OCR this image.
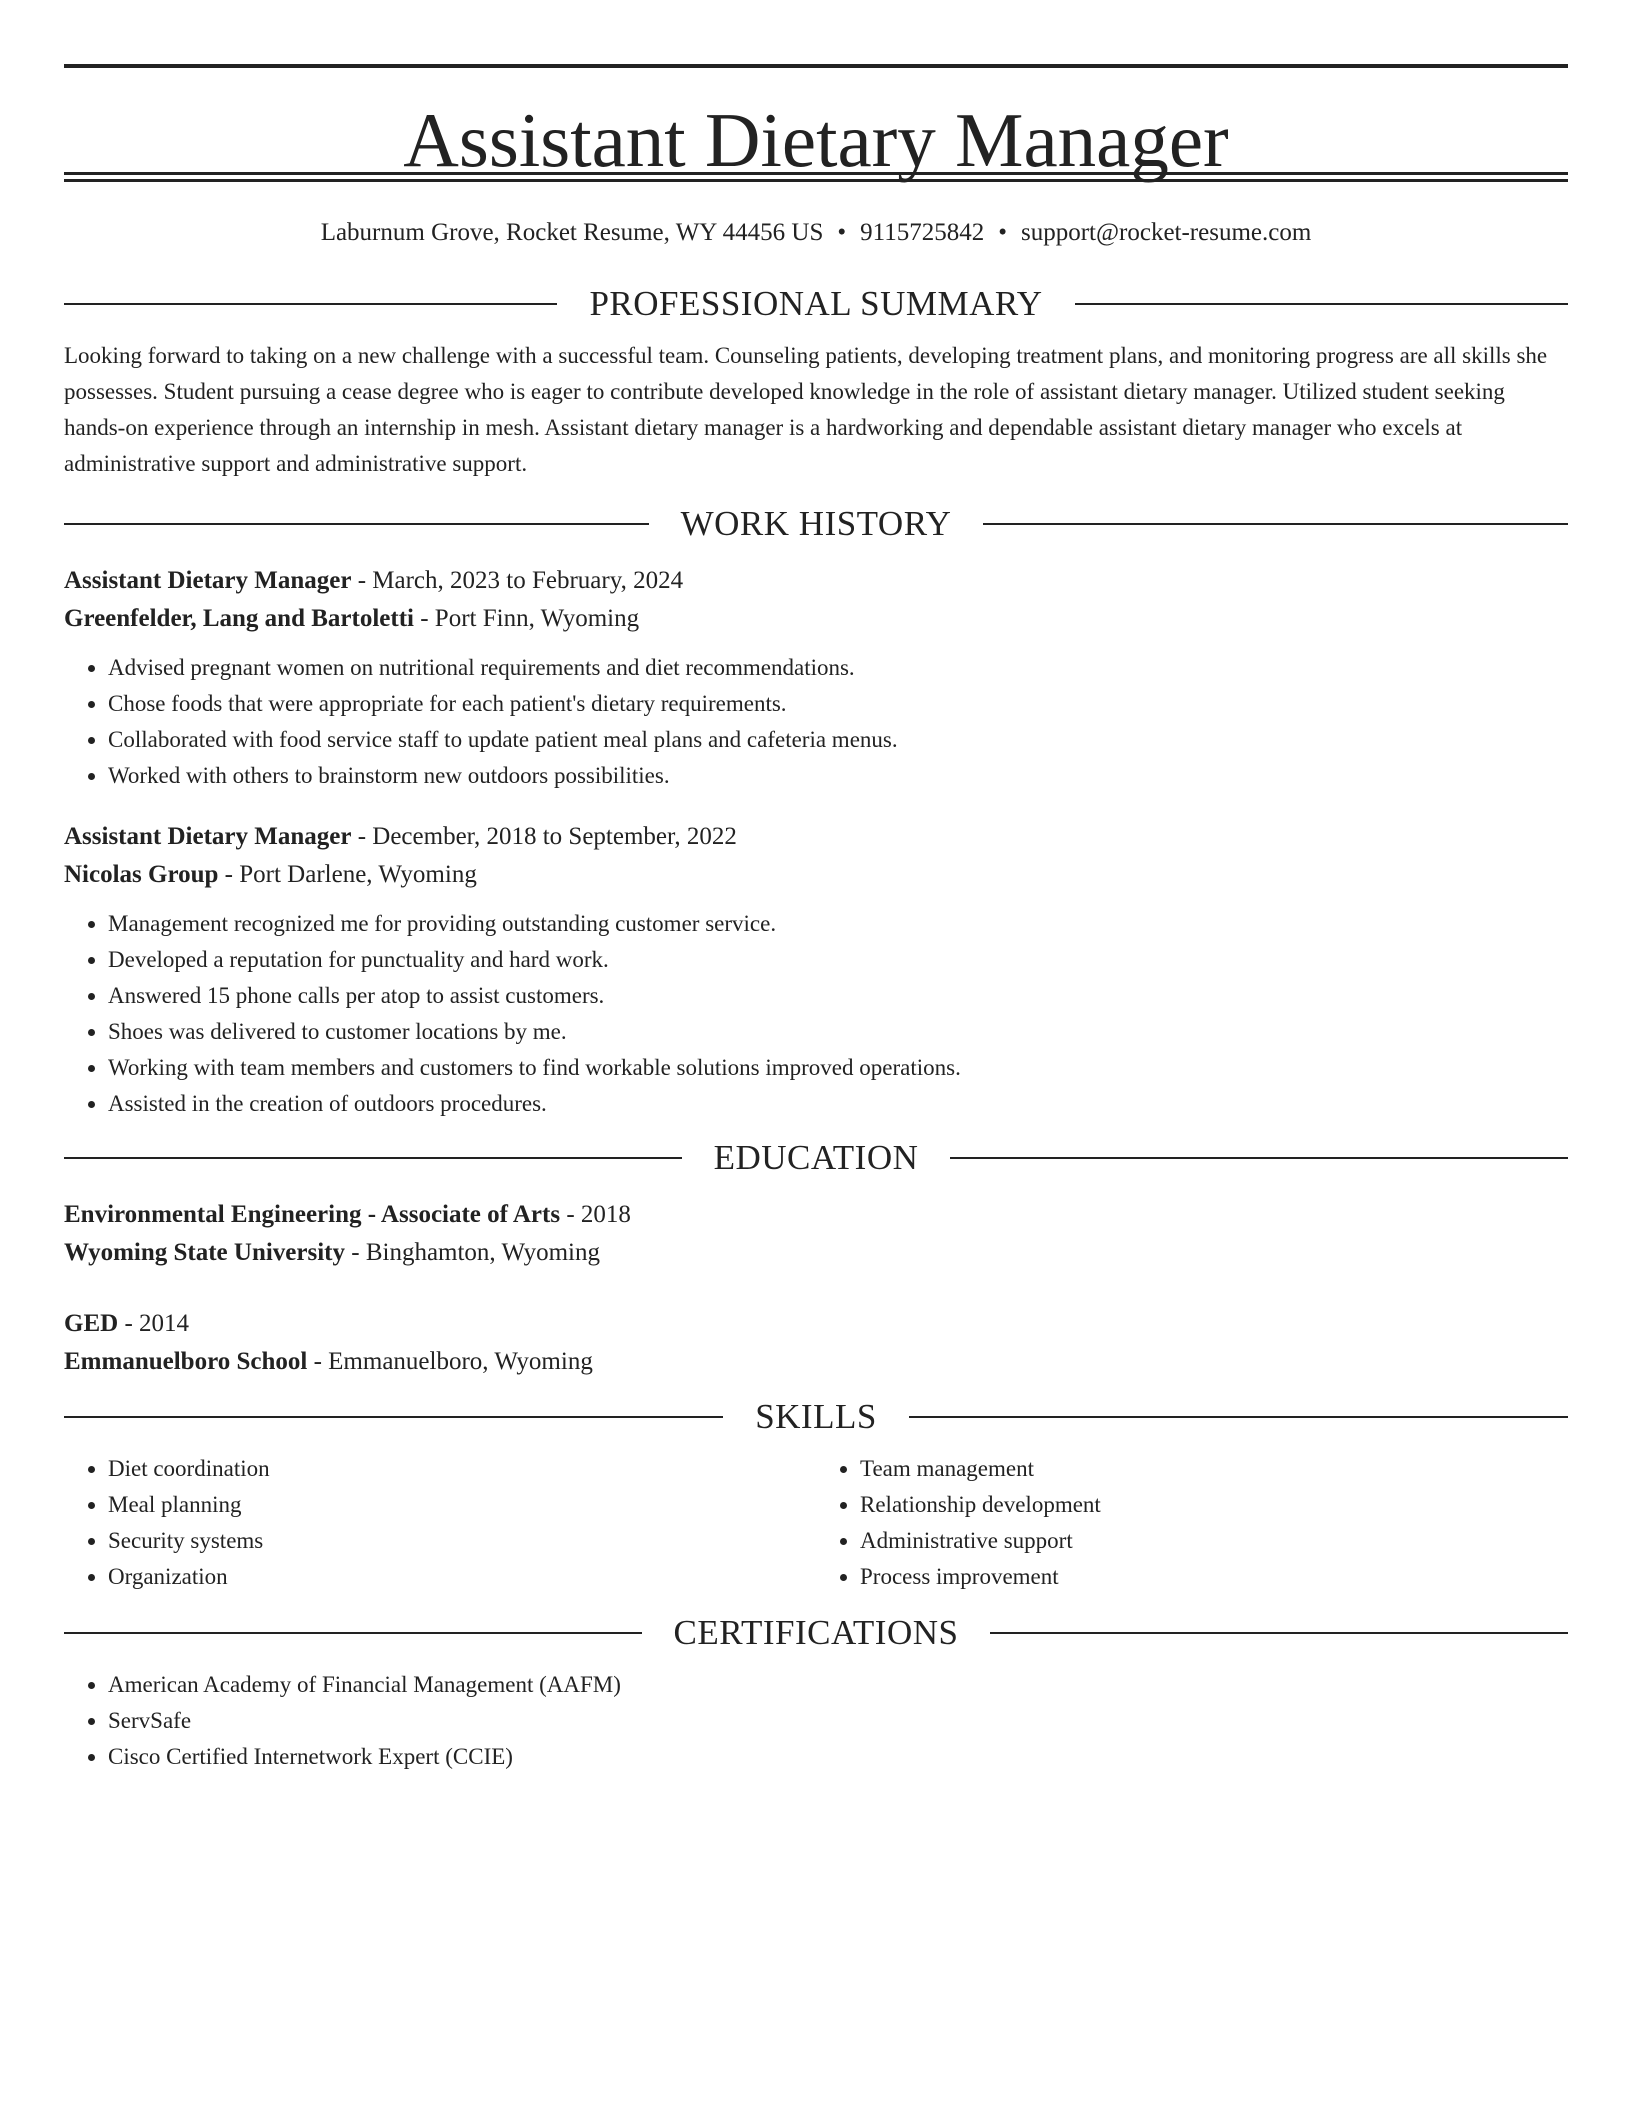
Assistant Dietary Manager
Laburnum Grove, Rocket Resume, WY 44456 US • 9115725842 • support@rocket-resume.com
PROFESSIONAL SUMMARY

Looking forward to taking on a new challenge with a successful team. Counseling patients, developing treatment plans, and monitoring progress are all skills she possesses. Student pursuing a cease degree who is eager to contribute developed knowledge in the role of assistant dietary manager. Utilized student seeking hands-on experience through an internship in mesh. Assistant dietary manager is a hardworking and dependable assistant dietary manager who excels at administrative support and administrative support.

WORK HISTORY
Assistant Dietary Manager - March, 2023 to February, 2024
Greenfelder, Lang and Bartoletti - Port Finn, Wyoming
• Advised pregnant women on nutritional requirements and diet recommendations.
• Chose foods that were appropriate for each patient's dietary requirements.
• Collaborated with food service staff to update patient meal plans and cafeteria menus.
• Worked with others to brainstorm new outdoors possibilities.
Assistant Dietary Manager - December, 2018 to September, 2022
Nicolas Group - Port Darlene, Wyoming
• Management recognized me for providing outstanding customer service.
• Developed a reputation for punctuality and hard work.
• Answered 15 phone calls per atop to assist customers.
• Shoes was delivered to customer locations by me.
• Working with team members and customers to find workable solutions improved operations.
• Assisted in the creation of outdoors procedures.
EDUCATION
Environmental Engineering - Associate of Arts - 2018
Wyoming State University - Binghamton, Wyoming
GED - 2014
Emmanuelboro School - Emmanuelboro, Wyoming
SKILLS
• Diet coordination
• Meal planning
• Security systems
• Organization
• Team management
• Relationship development
• Administrative support
• Process improvement
CERTIFICATIONS
• American Academy of Financial Management (AAFM)
• ServSafe
• Cisco Certified Internetwork Expert (CCIE)
